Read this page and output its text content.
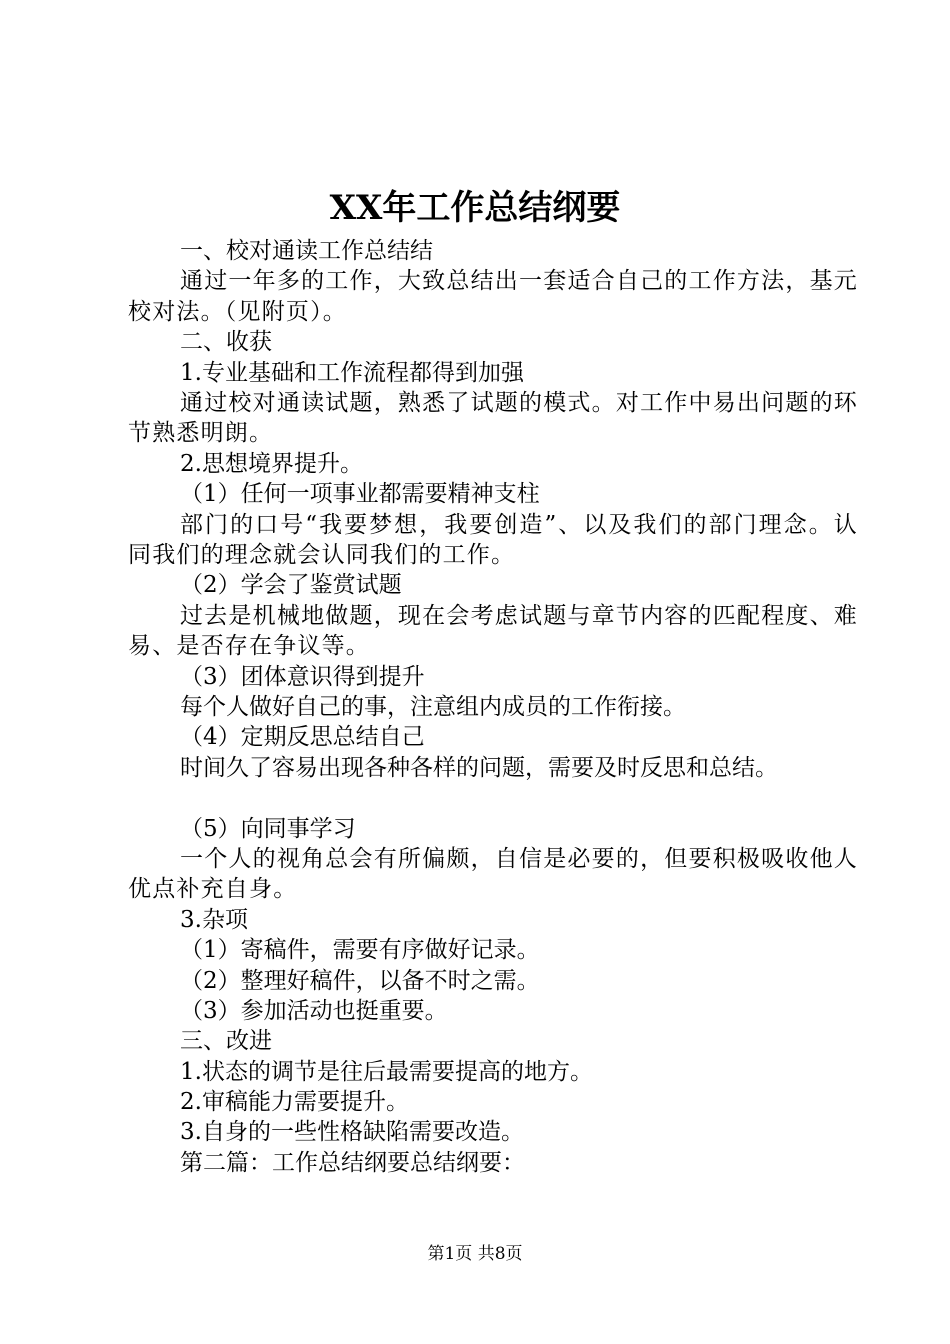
XX年工作总结纲要
一、校对通读工作总结结
通过一年多的工作，大致总结出一套适合自己的工作方法，基元校对法。（见附页）。
二、收获
1.专业基础和工作流程都得到加强
通过校对通读试题，熟悉了试题的模式。对工作中易出问题的环节熟悉明朗。
2.思想境界提升。
（1）任何一项事业都需要精神支柱
部门的口号“我要梦想，我要创造”、以及我们的部门理念。认同我们的理念就会认同我们的工作。
（2）学会了鉴赏试题
过去是机械地做题，现在会考虑试题与章节内容的匹配程度、难易、是否存在争议等。
（3）团体意识得到提升
每个人做好自己的事，注意组内成员的工作衔接。
（4）定期反思总结自己
时间久了容易出现各种各样的问题，需要及时反思和总结。
（5）向同事学习
一个人的视角总会有所偏颇，自信是必要的，但要积极吸收他人优点补充自身。
3.杂项
（1）寄稿件，需要有序做好记录。
（2）整理好稿件，以备不时之需。
（3）参加活动也挺重要。
三、改进
1.状态的调节是往后最需要提高的地方。
2.审稿能力需要提升。
3.自身的一些性格缺陷需要改造。
第二篇：工作总结纲要总结纲要：
第1页 共8页
